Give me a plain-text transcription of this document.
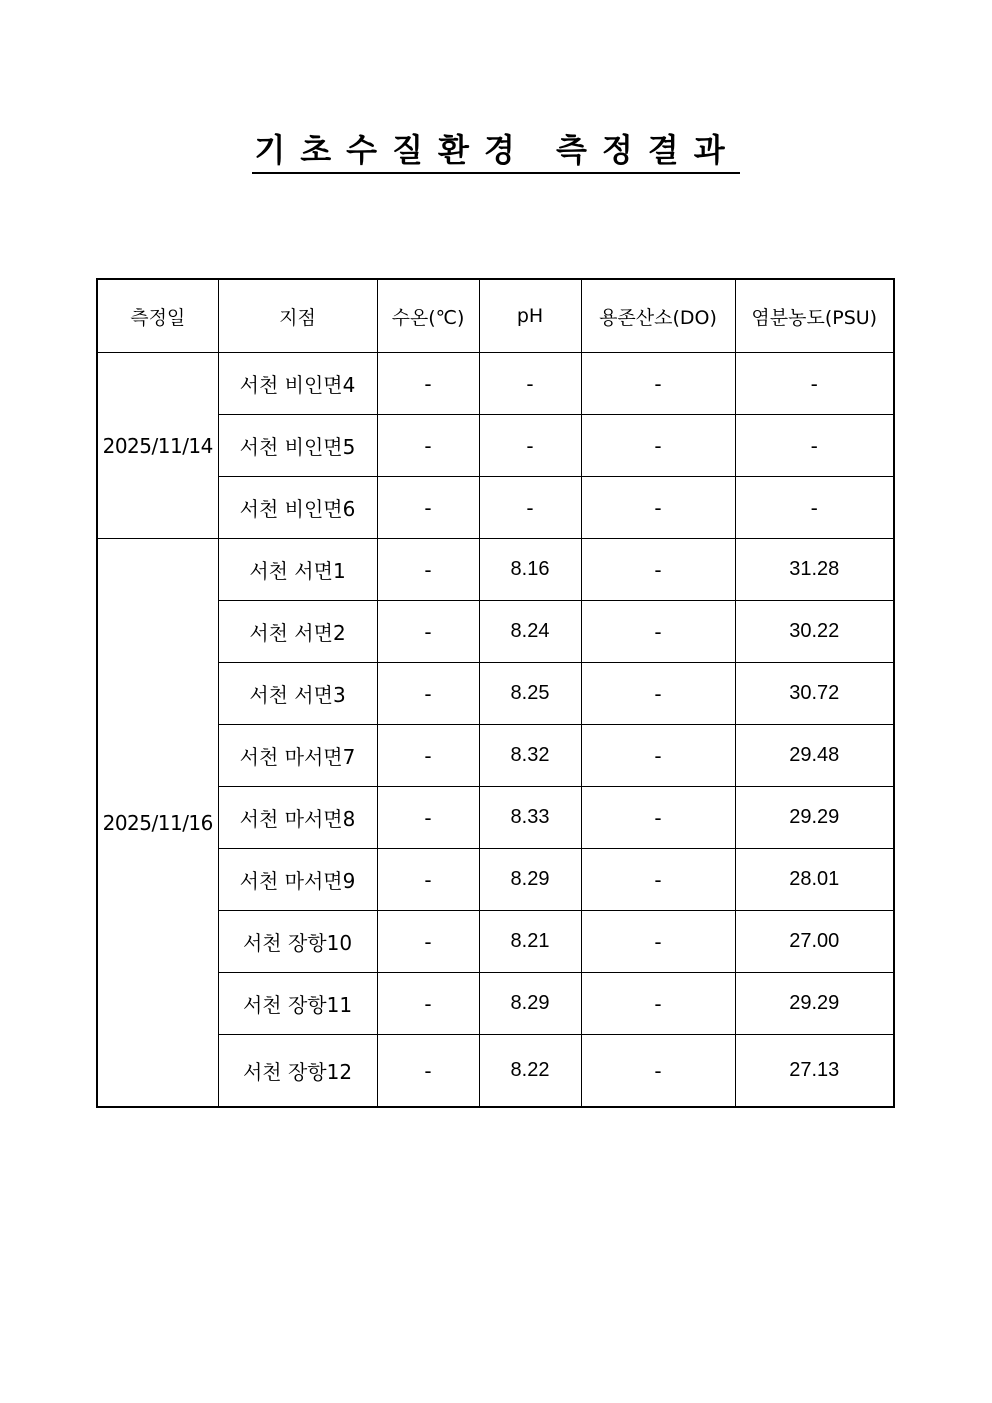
기초수질환경 측정결과
측정일	지점	수온(℃)	pH	용존산소(DO)	염분농도(PSU)
2025/11/14	서천 비인면4	-	-	-	-
	서천 비인면5	-	-	-	-
	서천 비인면6	-	-	-	-
2025/11/16	서천 서면1	-	8.16	-	31.28
	서천 서면2	-	8.24	-	30.22
	서천 서면3	-	8.25	-	30.72
	서천 마서면7	-	8.32	-	29.48
	서천 마서면8	-	8.33	-	29.29
	서천 마서면9	-	8.29	-	28.01
	서천 장항10	-	8.21	-	27.00
	서천 장항11	-	8.29	-	29.29
	서천 장항12	-	8.22	-	27.13
